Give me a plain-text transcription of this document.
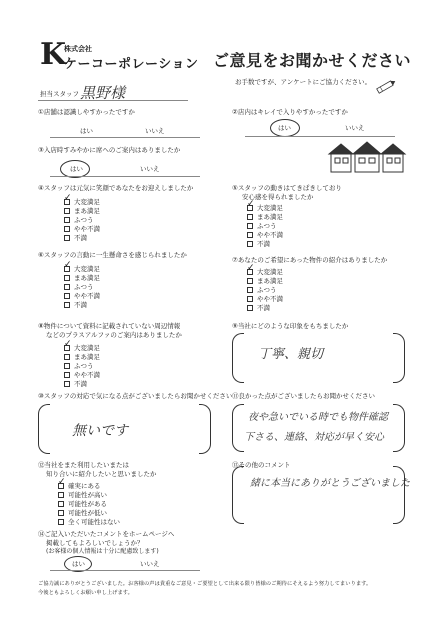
K
株式会社
ケーコーポレーション ご意見をお聞かせください
お手数ですが、アンケートにご協力ください。
担当スタッフ 黒野様
①店舗は認識しやすかったですか
はい	いいえ
②店内はキレイで入りやすかったですか
はい	いいえ
③入店時すみやかに席へのご案内はありましたか
はい	いいえ
④スタッフは元気に笑顔であなたをお迎えしましたか
✓大変満足
まあ満足
ふつう
やや不満
不満
⑤スタッフの動きはてきぱきしており
安心感を得られましたか
✓大変満足
まあ満足
ふつう
やや不満
不満
⑥スタッフの言動に一生懸命さを感じられましたか
✓大変満足
まあ満足
ふつう
やや不満
不満
⑦あなたのご希望にあった物件の紹介はありましたか
✓大変満足
まあ満足
ふつう
やや不満
不満
⑧物件について資料に記載されていない周辺情報
などのプラスアルファのご案内はありましたか
✓大変満足
まあ満足
ふつう
やや不満
不満
⑨当社にどのような印象をもちましたか
丁寧、親切
⑩スタッフの対応で気になる点がございましたらお聞かせください
無いです
⑪良かった点がございましたらお聞かせください
夜や急いでいる時でも物件確認
下さる、連絡、対応が早く安心
⑫当社をまた利用したいまたは
知り合いに紹介したいと思いましたか
✓確実にある
可能性が高い
可能性がある
可能性が低い
全く可能性はない
⑬その他のコメント
緒に本当にありがとうございました
⑭ご記入いただいたコメントをホームページへ
掲載してもよろしいでしょうか？
(お客様の個人情報は十分に配慮致します)
はい	いいえ
ご協力誠にありがとうございました。お客様の声は貴重なご意見・ご要望として出来る限り皆様のご期待にそえるよう努力してまいります。
今後ともよろしくお願い申し上げます。
